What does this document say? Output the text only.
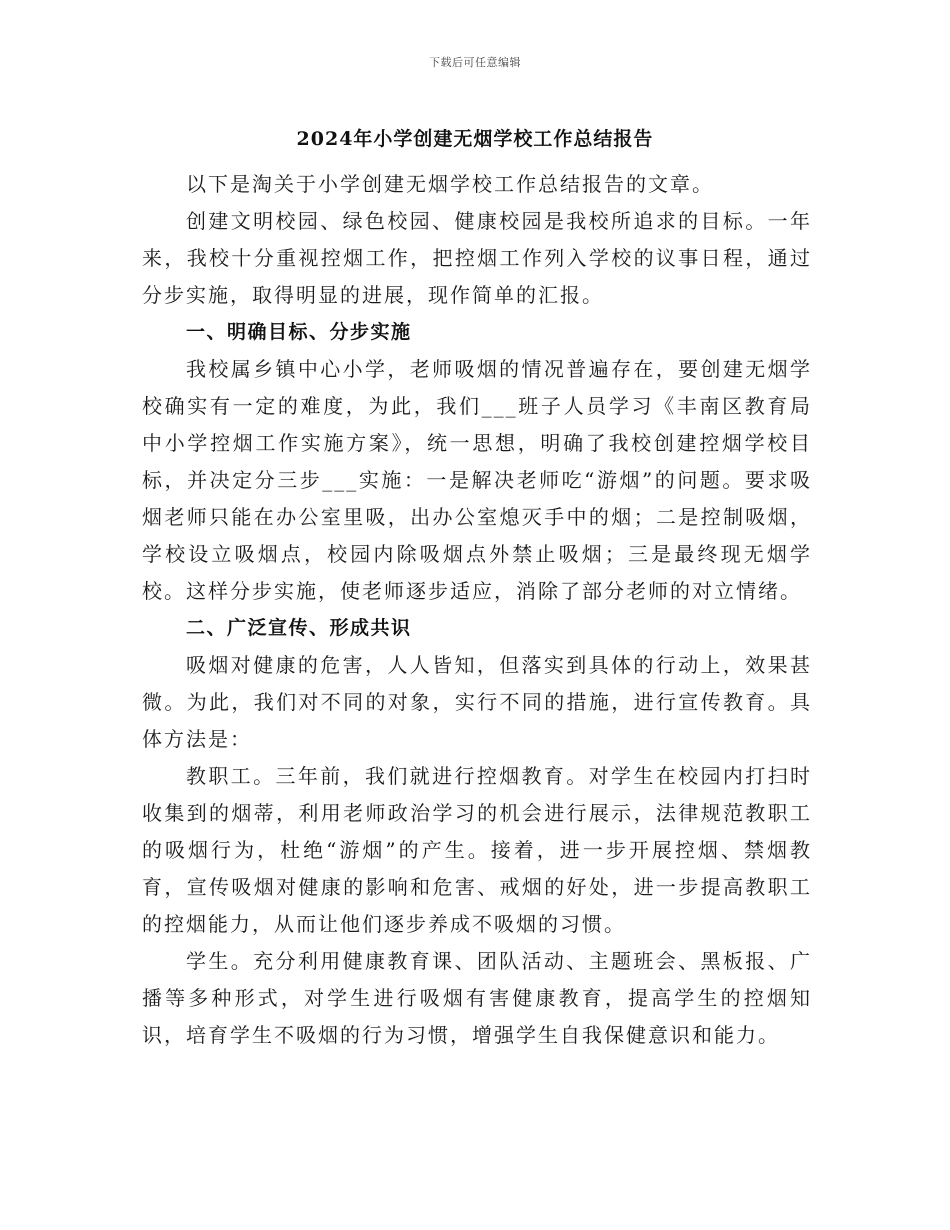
下载后可任意编辑
2024年小学创建无烟学校工作总结报告

以下是淘关于小学创建无烟学校工作总结报告的文章。

创建文明校园、绿色校园、健康校园是我校所追求的目标。一年来，我校十分重视控烟工作，把控烟工作列入学校的议事日程，通过分步实施，取得明显的进展，现作简单的汇报。

一、明确目标、分步实施

我校属乡镇中心小学，老师吸烟的情况普遍存在，要创建无烟学校确实有一定的难度，为此，我们___班子人员学习《丰南区教育局中小学控烟工作实施方案》，统一思想，明确了我校创建控烟学校目标，并决定分三步___实施：一是解决老师吃“游烟”的问题。要求吸烟老师只能在办公室里吸，出办公室熄灭手中的烟；二是控制吸烟，学校设立吸烟点，校园内除吸烟点外禁止吸烟；三是最终现无烟学校。这样分步实施，使老师逐步适应，消除了部分老师的对立情绪。

二、广泛宣传、形成共识

吸烟对健康的危害，人人皆知，但落实到具体的行动上，效果甚微。为此，我们对不同的对象，实行不同的措施，进行宣传教育。具体方法是：

教职工。三年前，我们就进行控烟教育。对学生在校园内打扫时收集到的烟蒂，利用老师政治学习的机会进行展示，法律规范教职工的吸烟行为，杜绝“游烟”的产生。接着，进一步开展控烟、禁烟教育，宣传吸烟对健康的影响和危害、戒烟的好处，进一步提高教职工的控烟能力，从而让他们逐步养成不吸烟的习惯。

学生。充分利用健康教育课、团队活动、主题班会、黑板报、广播等多种形式，对学生进行吸烟有害健康教育，提高学生的控烟知识，培育学生不吸烟的行为习惯，增强学生自我保健意识和能力。
